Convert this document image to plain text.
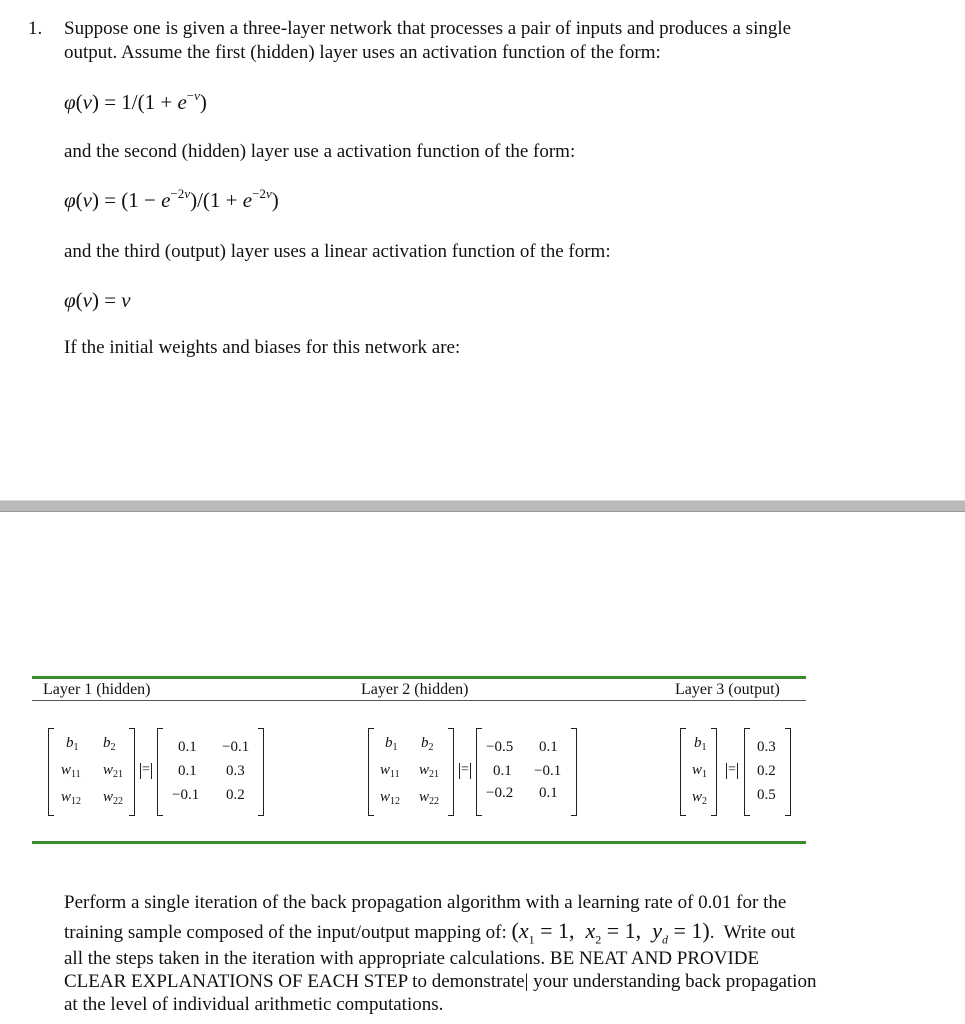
1. Suppose one is given a three-layer network that processes a pair of inputs and produces a single
output. Assume the first (hidden) layer uses an activation function of the form:
$\varphi(v) = 1/(1 + e^{-v})$
and the second (hidden) layer use a activation function of the form:
$\varphi(v) = (1 - e^{-2v})/(1 + e^{-2v})$
and the third (output) layer uses a linear activation function of the form:
φ(v) = v
If the initial weights and biases for this network are:
Layer 1 (hidden)	Layer 2 (hidden)	Layer 3 (output)
$b_1$ $b_2$
$w_{11}$ $w_{21}$
$w_{12}$ $w_{22}$
=
0.1 −0.1
0.1 0.3
−0.1 0.2
$b_1$ $b_2$
$w_{11}$ $w_{21}$
$w_{12}$ $w_{22}$
=
−0.5 0.1
0.1 −0.1
−0.2 0.1
$b_1$
$w_1$
$w_2$
=
0.3
0.2
0.5
Perform a single iteration of the back propagation algorithm with a learning rate of 0.01 for the
training sample composed of the input/output mapping of: ($x_1 = 1$,  $x_2 = 1$,  $y_d = 1$).  Write out
all the steps taken in the iteration with appropriate calculations. BE NEAT AND PROVIDE
CLEAR EXPLANATIONS OF EACH STEP to demonstrate| your understanding back propagation
at the level of individual arithmetic computations.
